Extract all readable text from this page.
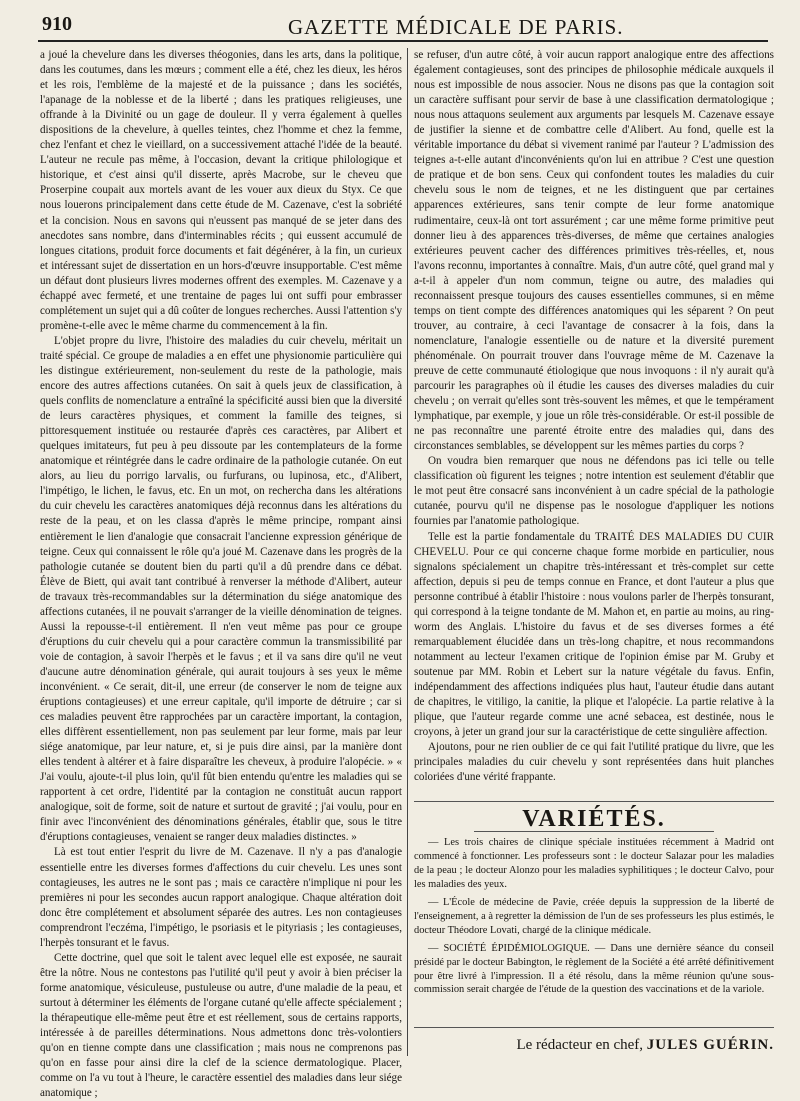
910	GAZETTE MÉDICALE DE PARIS.

a joué la chevelure dans les diverses théogonies, dans les arts, dans la politique, dans les coutumes, dans les mœurs ; comment elle a été, chez les dieux, les héros et les rois, l'emblème de la majesté et de la puissance ; dans les sociétés, l'apanage de la noblesse et de la liberté ; dans les pratiques religieuses, une offrande à la Divinité ou un gage de douleur. Il y verra également à quelles dispositions de la chevelure, à quelles teintes, chez l'homme et chez la femme, chez l'enfant et chez le vieillard, on a successivement attaché l'idée de la beauté. L'auteur ne recule pas même, à l'occasion, devant la critique philologique et historique, et c'est ainsi qu'il disserte, après Macrobe, sur le cheveu que Proserpine coupait aux mortels avant de les vouer aux dieux du Styx. Ce que nous louerons principalement dans cette étude de M. Cazenave, c'est la sobriété et la concision. Nous en savons qui n'eussent pas manqué de se jeter dans des anecdotes sans nombre, dans d'interminables récits ; qui eussent accumulé de longues citations, produit force documents et fait dégénérer, à la fin, un curieux et intéressant sujet de dissertation en un hors-d'œuvre insupportable. C'est même un défaut dont plusieurs livres modernes offrent des exemples. M. Cazenave y a échappé avec fermeté, et une trentaine de pages lui ont suffi pour embrasser complétement un sujet qui a dû coûter de longues recherches. Aussi l'attention s'y promène-t-elle avec le même charme du commencement à la fin.

L'objet propre du livre, l'histoire des maladies du cuir chevelu, méritait un traité spécial. Ce groupe de maladies a en effet une physionomie particulière qui les distingue extérieurement, non-seulement du reste de la pathologie, mais encore des autres affections cutanées. On sait à quels jeux de classification, à quels conflits de nomenclature a entraîné la spécificité aussi bien que la diversité de leurs caractères physiques, et comment la famille des teignes, si pittoresquement instituée ou restaurée d'après ces caractères, par Alibert et quelques imitateurs, fut peu à peu dissoute par les contemplateurs de la forme anatomique et réintégrée dans le cadre ordinaire de la pathologie cutanée. On eut alors, au lieu du porrigo larvalis, ou furfurans, ou lupinosa, etc., d'Alibert, l'impétigo, le lichen, le favus, etc. En un mot, on rechercha dans les altérations du cuir chevelu les caractères anatomiques déjà reconnus dans les altérations du reste de la peau, et on les classa d'après le même principe, rompant ainsi entièrement le lien d'analogie que consacrait l'ancienne expression générique de teigne. Ceux qui connaissent le rôle qu'a joué M. Cazenave dans les progrès de la pathologie cutanée se doutent bien du parti qu'il a dû prendre dans ce débat. Élève de Biett, qui avait tant contribué à renverser la méthode d'Alibert, auteur de travaux très-recommandables sur la détermination du siége anatomique des affections cutanées, il ne pouvait s'arranger de la vieille dénomination de teignes. Aussi la repousse-t-il entièrement. Il n'en veut même pas pour ce groupe d'éruptions du cuir chevelu qui a pour caractère commun la transmissibilité par voie de contagion, à savoir l'herpès et le favus ; et il va sans dire qu'il ne veut d'aucune autre dénomination générale, qui aurait toujours à ses yeux le même inconvénient. « Ce serait, dit-il, une erreur (de conserver le nom de teigne aux éruptions contagieuses) et une erreur capitale, qu'il importe de détruire ; car si ces maladies peuvent être rapprochées par un caractère important, la contagion, elles diffèrent essentiellement, non pas seulement par leur forme, mais par leur siége anatomique, par leur nature, et, si je puis dire ainsi, par la manière dont elles tendent à altérer et à faire disparaître les cheveux, à produire l'alopécie. » « J'ai voulu, ajoute-t-il plus loin, qu'il fût bien entendu qu'entre les maladies qui se rapportent à cet ordre, l'identité par la contagion ne constituât aucun rapport analogique, soit de forme, soit de nature et surtout de gravité ; j'ai voulu, pour en finir avec l'inconvénient des dénominations générales, établir que, sous le titre d'éruptions contagieuses, venaient se ranger deux maladies distinctes. »

Là est tout entier l'esprit du livre de M. Cazenave. Il n'y a pas d'analogie essentielle entre les diverses formes d'affections du cuir chevelu. Les unes sont contagieuses, les autres ne le sont pas ; mais ce caractère n'implique ni pour les premières ni pour les secondes aucun rapport analogique. Chaque altération doit donc être complétement et absolument séparée des autres. Les non contagieuses comprendront l'eczéma, l'impétigo, le psoriasis et le pityriasis ; les contagieuses, l'herpès tonsurant et le favus.

Cette doctrine, quel que soit le talent avec lequel elle est exposée, ne saurait être la nôtre. Nous ne contestons pas l'utilité qu'il peut y avoir à bien préciser la forme anatomique, vésiculeuse, pustuleuse ou autre, d'une maladie de la peau, et surtout à déterminer les éléments de l'organe cutané qu'elle affecte spécialement ; la thérapeutique elle-même peut être et est réellement, sous de certains rapports, intéressée à de pareilles déterminations. Nous admettons donc très-volontiers qu'on en tienne compte dans une classification ; mais nous ne comprenons pas qu'on en fasse pour ainsi dire la clef de la science dermatologique. Placer, comme on l'a vu tout à l'heure, le caractère essentiel des maladies dans leur siége anatomique ;

se refuser, d'un autre côté, à voir aucun rapport analogique entre des affections également contagieuses, sont des principes de philosophie médicale auxquels il nous est impossible de nous associer. Nous ne disons pas que la contagion soit un caractère suffisant pour servir de base à une classification dermatologique ; nous nous attaquons seulement aux arguments par lesquels M. Cazenave essaye de justifier la sienne et de combattre celle d'Alibert. Au fond, quelle est la véritable importance du débat si vivement ranimé par l'auteur ? L'admission des teignes a-t-elle autant d'inconvénients qu'on lui en attribue ? C'est une question de pratique et de bon sens. Ceux qui confondent toutes les maladies du cuir chevelu sous le nom de teignes, et ne les distinguent que par certaines apparences extérieures, sans tenir compte de leur forme anatomique rudimentaire, ceux-là ont tort assurément ; car une même forme primitive peut donner lieu à des apparences très-diverses, de même que certaines analogies extérieures peuvent cacher des différences primitives très-réelles, et, nous l'avons reconnu, importantes à connaître. Mais, d'un autre côté, quel grand mal y a-t-il à appeler d'un nom commun, teigne ou autre, des maladies qui reconnaissent presque toujours des causes essentielles communes, si en même temps on tient compte des différences anatomiques qui les séparent ? On peut trouver, au contraire, à ceci l'avantage de consacrer à la fois, dans la nomenclature, l'analogie essentielle ou de nature et la diversité purement phénoménale. On pourrait trouver dans l'ouvrage même de M. Cazenave la preuve de cette communauté étiologique que nous invoquons : il n'y aurait qu'à parcourir les paragraphes où il étudie les causes des diverses maladies du cuir chevelu ; on verrait qu'elles sont très-souvent les mêmes, et que le tempérament lymphatique, par exemple, y joue un rôle très-considérable. Or est-il possible de ne pas reconnaître une parenté étroite entre des maladies qui, dans des circonstances semblables, se développent sur les mêmes parties du corps ?

On voudra bien remarquer que nous ne défendons pas ici telle ou telle classification où figurent les teignes ; notre intention est seulement d'établir que le mot peut être consacré sans inconvénient à un cadre spécial de la pathologie cutanée, pourvu qu'il ne dispense pas le nosologue d'appliquer les notions fournies par l'anatomie pathologique.

Telle est la partie fondamentale du TRAITÉ DES MALADIES DU CUIR CHEVELU. Pour ce qui concerne chaque forme morbide en particulier, nous signalons spécialement un chapitre très-intéressant et très-complet sur cette affection, depuis si peu de temps connue en France, et dont l'auteur a plus que personne contribué à établir l'histoire : nous voulons parler de l'herpès tonsurant, qui correspond à la teigne tondante de M. Mahon et, en partie au moins, au ring-worm des Anglais. L'histoire du favus et de ses diverses formes a été remarquablement élucidée dans un très-long chapitre, et nous recommandons notamment au lecteur l'examen critique de l'opinion émise par M. Gruby et soutenue par MM. Robin et Lebert sur la nature végétale du favus. Enfin, indépendamment des affections indiquées plus haut, l'auteur étudie dans autant de chapitres, le vitiligo, la canitie, la plique et l'alopécie. La partie relative à la plique, que l'auteur regarde comme une acné sebacea, est destinée, nous le croyons, à jeter un grand jour sur la caractéristique de cette singulière affection.

Ajoutons, pour ne rien oublier de ce qui fait l'utilité pratique du livre, que les principales maladies du cuir chevelu y sont représentées dans huit planches coloriées d'une vérité frappante.

VARIÉTÉS.

— Les trois chaires de clinique spéciale instituées récemment à Madrid ont commencé à fonctionner. Les professeurs sont : le docteur Salazar pour les maladies de la peau ; le docteur Alonzo pour les maladies syphilitiques ; le docteur Calvo, pour les maladies des yeux.

— L'École de médecine de Pavie, créée depuis la suppression de la liberté de l'enseignement, a à regretter la démission de l'un de ses professeurs les plus estimés, le docteur Théodore Lovati, chargé de la clinique médicale.

— SOCIÉTÉ ÉPIDÉMIOLOGIQUE. — Dans une dernière séance du conseil présidé par le docteur Babington, le règlement de la Société a été arrêté définitivement pour être livré à l'impression. Il a été résolu, dans la même réunion qu'une sous-commission serait chargée de l'étude de la question des vaccinations et de la variole.

Le rédacteur en chef, JULES GUÉRIN.
